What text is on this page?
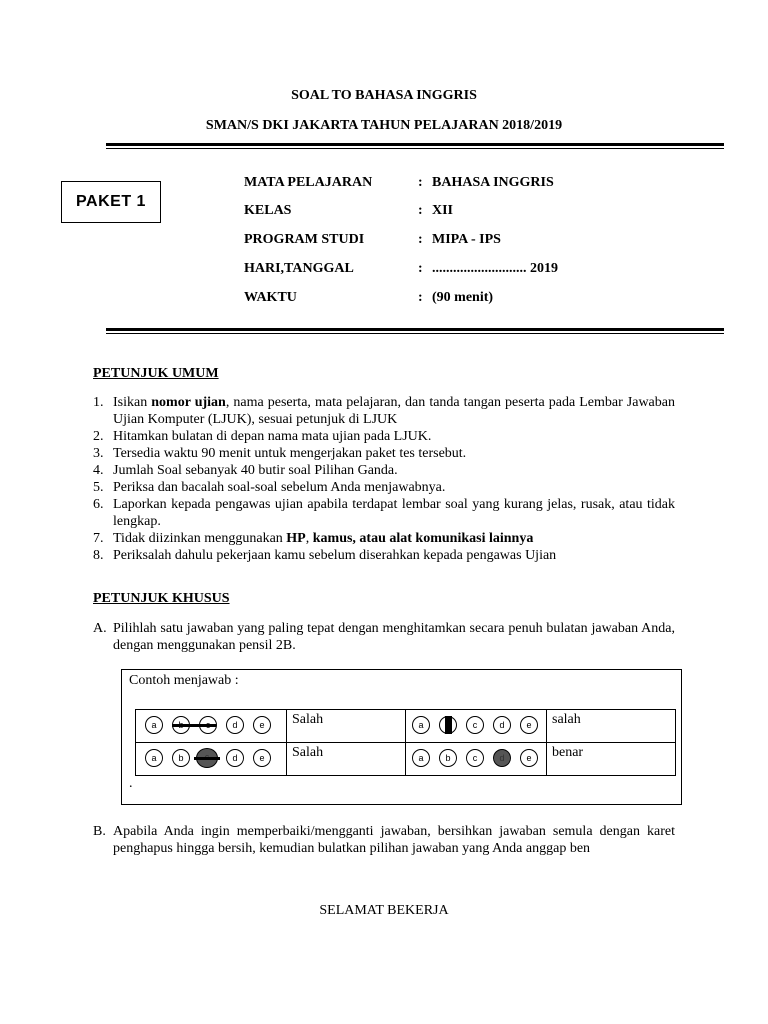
SOAL TO BAHASA INGGRIS
SMAN/S DKI JAKARTA TAHUN PELAJARAN 2018/2019
PAKET 1
MATA PELAJARAN	: BAHASA INGGRIS
KELAS	: XII
PROGRAM STUDI	: MIPA - IPS
HARI,TANGGAL	: ........................... 2019
WAKTU	: (90 menit)
PETUNJUK UMUM
1. Isikan nomor ujian, nama peserta, mata pelajaran, dan tanda tangan peserta pada Lembar Jawaban Ujian Komputer (LJUK), sesuai petunjuk di LJUK
2. Hitamkan bulatan di depan nama mata ujian pada LJUK.
3. Tersedia waktu 90 menit untuk mengerjakan paket tes tersebut.
4. Jumlah Soal sebanyak 40 butir soal Pilihan Ganda.
5. Periksa dan bacalah soal-soal sebelum Anda menjawabnya.
6. Laporkan kepada pengawas ujian apabila terdapat lembar soal yang kurang jelas, rusak, atau tidak lengkap.
7. Tidak diizinkan menggunakan HP, kamus, atau alat komunikasi lainnya
8. Periksalah dahulu pekerjaan kamu sebelum diserahkan kepada pengawas Ujian
PETUNJUK KHUSUS
A. Pilihlah satu jawaban yang paling tepat dengan menghitamkan secara penuh bulatan jawaban Anda, dengan menggunakan pensil 2B.
Contoh menjawab :
a d e	Salah	a c d e	salah

a b d e	Salah	a b c d e	benar
.
B. Apabila Anda ingin memperbaiki/mengganti jawaban, bersihkan jawaban semula dengan karet penghapus hingga bersih, kemudian bulatkan pilihan jawaban yang Anda anggap ben
SELAMAT BEKERJA
